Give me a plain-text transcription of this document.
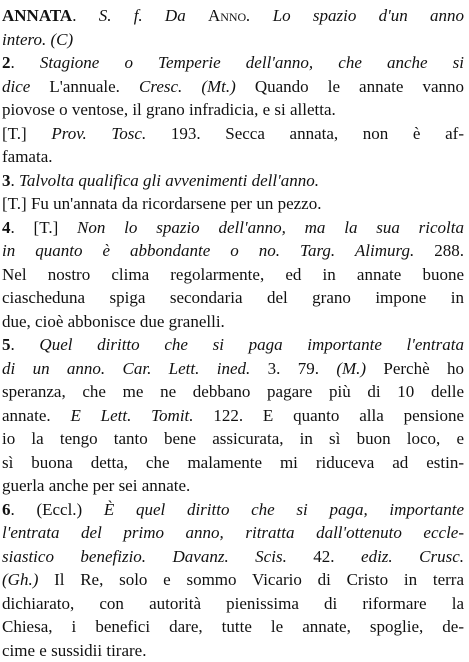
ANNATA. S. f. Da Anno. Lo spazio d'un anno
intero. (C)
2. Stagione o Temperie dell'anno, che anche si
dice L'annuale. Cresc. (Mt.) Quando le annate vanno
piovose o ventose, il grano infradicia, e si alletta.
[T.] Prov. Tosc. 193. Secca annata, non è af-
famata.
3. Talvolta qualifica gli avvenimenti dell'anno.
[T.] Fu un'annata da ricordarsene per un pezzo.
4. [T.] Non lo spazio dell'anno, ma la sua ricolta
in quanto è abbondante o no. Targ. Alimurg. 288.
Nel nostro clima regolarmente, ed in annate buone
ciascheduna spiga secondaria del grano impone in
due, cioè abbonisce due granelli.
5. Quel diritto che si paga importante l'entrata
di un anno. Car. Lett. ined. 3. 79. (M.) Perchè ho
speranza, che me ne debbano pagare più di 10 delle
annate. E Lett. Tomit. 122. E quanto alla pensione
io la tengo tanto bene assicurata, in sì buon loco, e
sì buona detta, che malamente mi riduceva ad estin-
guerla anche per sei annate.
6. (Eccl.) È quel diritto che si paga, importante
l'entrata del primo anno, ritratta dall'ottenuto eccle-
siastico benefizio. Davanz. Scis. 42. ediz. Crusc.
(Gh.) Il Re, solo e sommo Vicario di Cristo in terra
dichiarato, con autorità pienissima di riformare la
Chiesa, i benefici dare, tutte le annate, spoglie, de-
cime e sussidii tirare.
